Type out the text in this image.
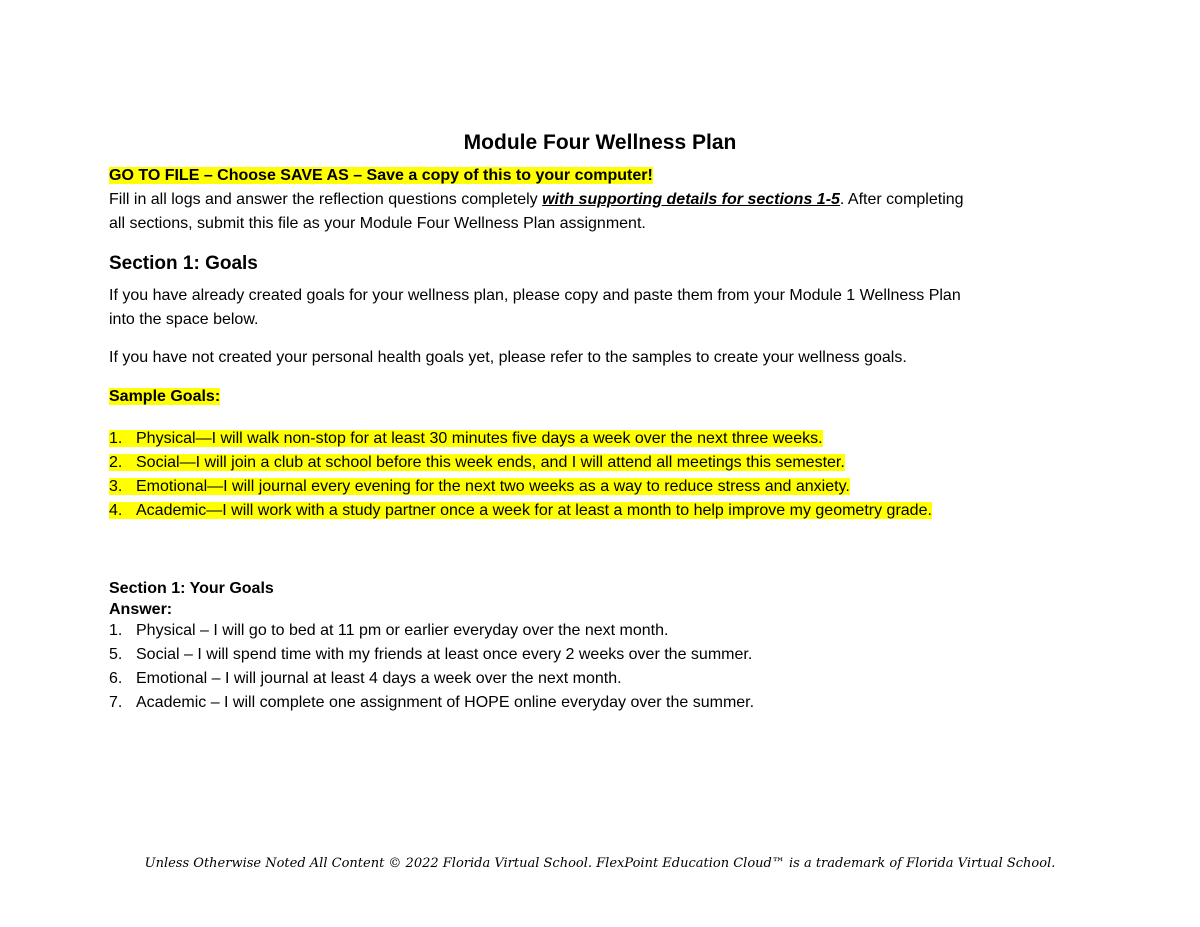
Module Four Wellness Plan
GO TO FILE – Choose SAVE AS – Save a copy of this to your computer!
Fill in all logs and answer the reflection questions completely with supporting details for sections 1-5. After completing
all sections, submit this file as your Module Four Wellness Plan assignment.
Section 1: Goals
If you have already created goals for your wellness plan, please copy and paste them from your Module 1 Wellness Plan
into the space below.
If you have not created your personal health goals yet, please refer to the samples to create your wellness goals.
Sample Goals:
1. Physical—I will walk non-stop for at least 30 minutes five days a week over the next three weeks.
2. Social—I will join a club at school before this week ends, and I will attend all meetings this semester.
3. Emotional—I will journal every evening for the next two weeks as a way to reduce stress and anxiety.
4. Academic—I will work with a study partner once a week for at least a month to help improve my geometry grade.
Section 1: Your Goals
Answer:
1. Physical – I will go to bed at 11 pm or earlier everyday over the next month.
5. Social – I will spend time with my friends at least once every 2 weeks over the summer.
6. Emotional – I will journal at least 4 days a week over the next month.
7. Academic – I will complete one assignment of HOPE online everyday over the summer.
Unless Otherwise Noted All Content © 2022 Florida Virtual School. FlexPoint Education Cloud™ is a trademark of Florida Virtual School.
